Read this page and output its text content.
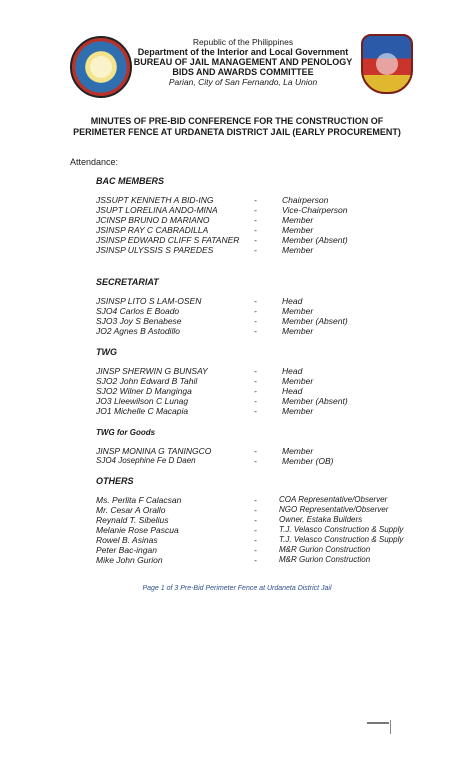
Republic of the Philippines
Department of the Interior and Local Government
BUREAU OF JAIL MANAGEMENT AND PENOLOGY
BIDS AND AWARDS COMMITTEE
Parian, City of San Fernando, La Union
MINUTES OF PRE-BID CONFERENCE FOR THE CONSTRUCTION OF
PERIMETER FENCE AT URDANETA DISTRICT JAIL (EARLY PROCUREMENT)
Attendance:
BAC MEMBERS
JSSUPT KENNETH A BID-ING	-	Chairperson
JSUPT LORELINA ANDO-MINA	-	Vice-Chairperson
JCINSP BRUNO D MARIANO	-	Member
JSINSP RAY C CABRADILLA	-	Member
JSINSP EDWARD CLIFF S FATANER -	Member (Absent)
JSINSP ULYSSIS S PAREDES	-	Member
SECRETARIAT
JSINSP LITO S LAM-OSEN	-	Head
SJO4 Carlos E Boado	-	Member
SJO3 Joy S Benabese	-	Member (Absent)
JO2 Agnes B Astodillo	-	Member
TWG
JINSP SHERWIN G BUNSAY	-	Head
SJO2 John Edward B Tahil	-	Member
SJO2 Wilner D Manginga	-	Head
JO3 Lleewilson C Lunag	-	Member (Absent)
JO1 Michelle C Macapia	-	Member
TWG for Goods
JINSP MONINA G TANINGCO	-	Member
SJO4 Josephine Fe D Daen	-	Member (OB)
OTHERS
Ms. Perlita F Calacsan	-	COA Representative/Observer
Mr. Cesar A Orallo	-	NGO Representative/Observer
Reynald T. Sibelius	-	Owner, Estaka Builders
Melanie Rose Pascua	-	T.J. Velasco Construction & Supply
Rowel B. Asinas	-	T.J. Velasco Construction & Supply
Peter Bac-ingan	-	M&R Gurion Construction
Mike John Gurion	-	M&R Gurion Construction
Page 1 of 3 Pre-Bid Perimeter Fence at Urdaneta District Jail
